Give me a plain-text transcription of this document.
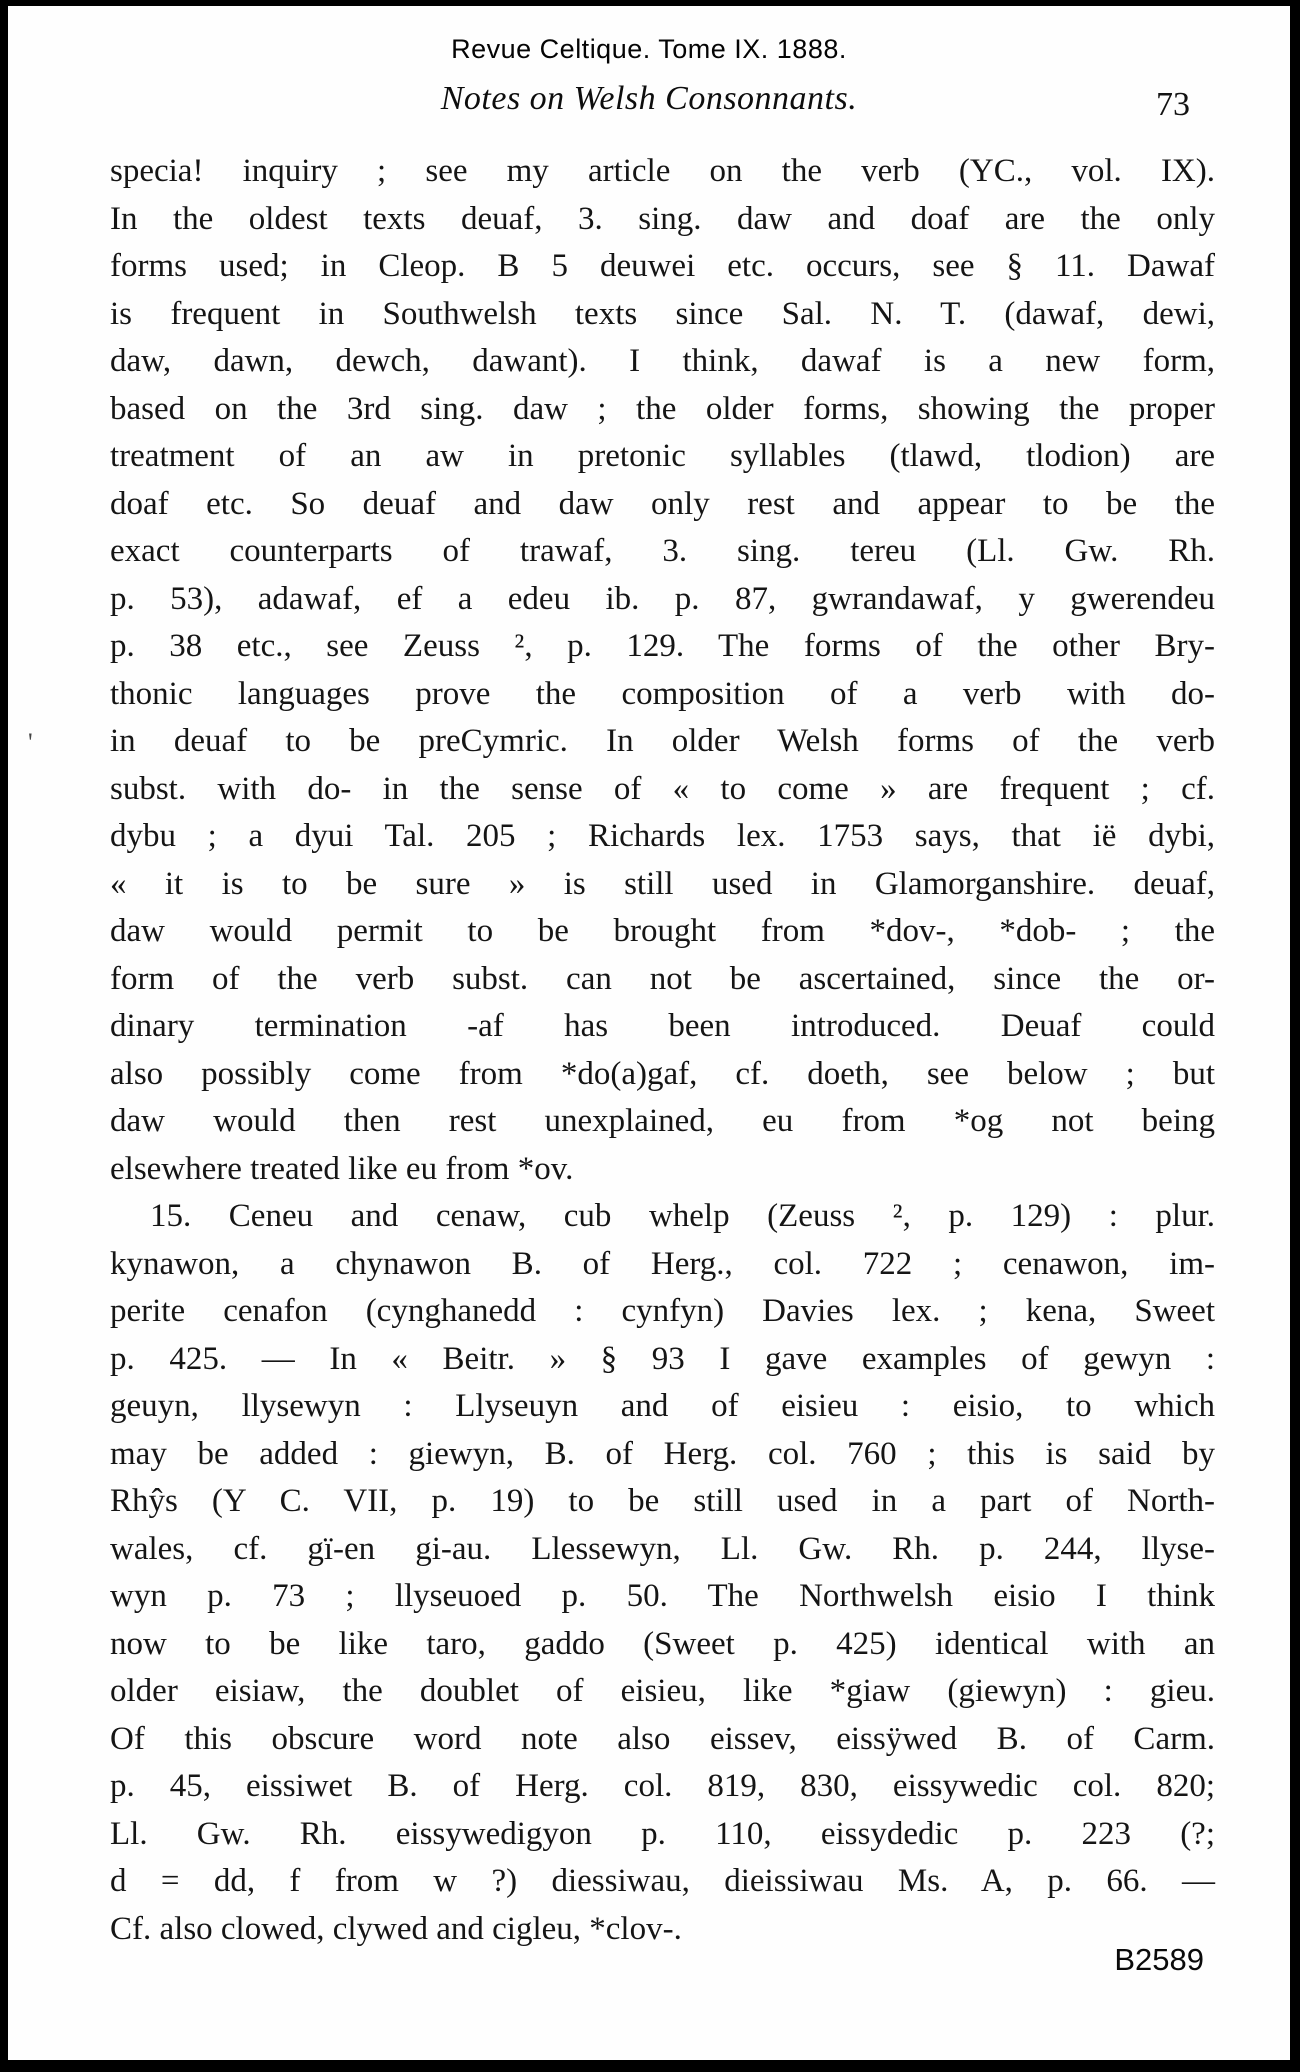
Revue Celtique. Tome IX. 1888.
Notes on Welsh Consonnants.	73
'
specia! inquiry ; see my article on the verb (YC., vol. IX).
In the oldest texts deuaf, 3. sing. daw and doaf are the only
forms used; in Cleop. B 5 deuwei etc. occurs, see § 11. Dawaf
is frequent in Southwelsh texts since Sal. N. T. (dawaf, dewi,
daw, dawn, dewch, dawant). I think, dawaf is a new form,
based on the 3rd sing. daw ; the older forms, showing the proper
treatment of an aw in pretonic syllables (tlawd, tlodion) are
doaf etc. So deuaf and daw only rest and appear to be the
exact counterparts of trawaf, 3. sing. tereu (Ll. Gw. Rh.
p. 53), adawaf, ef a edeu ib. p. 87, gwrandawaf, y gwerendeu
p. 38 etc., see Zeuss ², p. 129. The forms of the other Bry-
thonic languages prove the composition of a verb with do-
in deuaf to be preCymric. In older Welsh forms of the verb
subst. with do- in the sense of « to come » are frequent ; cf.
dybu ; a dyui Tal. 205 ; Richards lex. 1753 says, that ië dybi,
« it is to be sure » is still used in Glamorganshire. deuaf,
daw would permit to be brought from *dov-, *dob- ; the
form of the verb subst. can not be ascertained, since the or-
dinary termination -af has been introduced. Deuaf could
also possibly come from *do(a)gaf, cf. doeth, see below ; but
daw would then rest unexplained, eu from *og not being
elsewhere treated like eu from *ov.
15. Ceneu and cenaw, cub whelp (Zeuss ², p. 129) : plur.
kynawon, a chynawon B. of Herg., col. 722 ; cenawon, im-
perite cenafon (cynghanedd : cynfyn) Davies lex. ; kena, Sweet
p. 425. — In « Beitr. » § 93 I gave examples of gewyn :
geuyn, llysewyn : Llyseuyn and of eisieu : eisio, to which
may be added : giewyn, B. of Herg. col. 760 ; this is said by
Rhŷs (Y C. VII, p. 19) to be still used in a part of North-
wales, cf. gï-en gi-au. Llessewyn, Ll. Gw. Rh. p. 244, llyse-
wyn p. 73 ; llyseuoed p. 50. The Northwelsh eisio I think
now to be like taro, gaddo (Sweet p. 425) identical with an
older eisiaw, the doublet of eisieu, like *giaw (giewyn) : gieu.
Of this obscure word note also eissev, eissÿwed B. of Carm.
p. 45, eissiwet B. of Herg. col. 819, 830, eissywedic col. 820;
Ll. Gw. Rh. eissywedigyon p. 110, eissydedic p. 223 (?;
d = dd, f from w ?) diessiwau, dieissiwau Ms. A, p. 66. —
Cf. also clowed, clywed and cigleu, *clov-.
B2589
